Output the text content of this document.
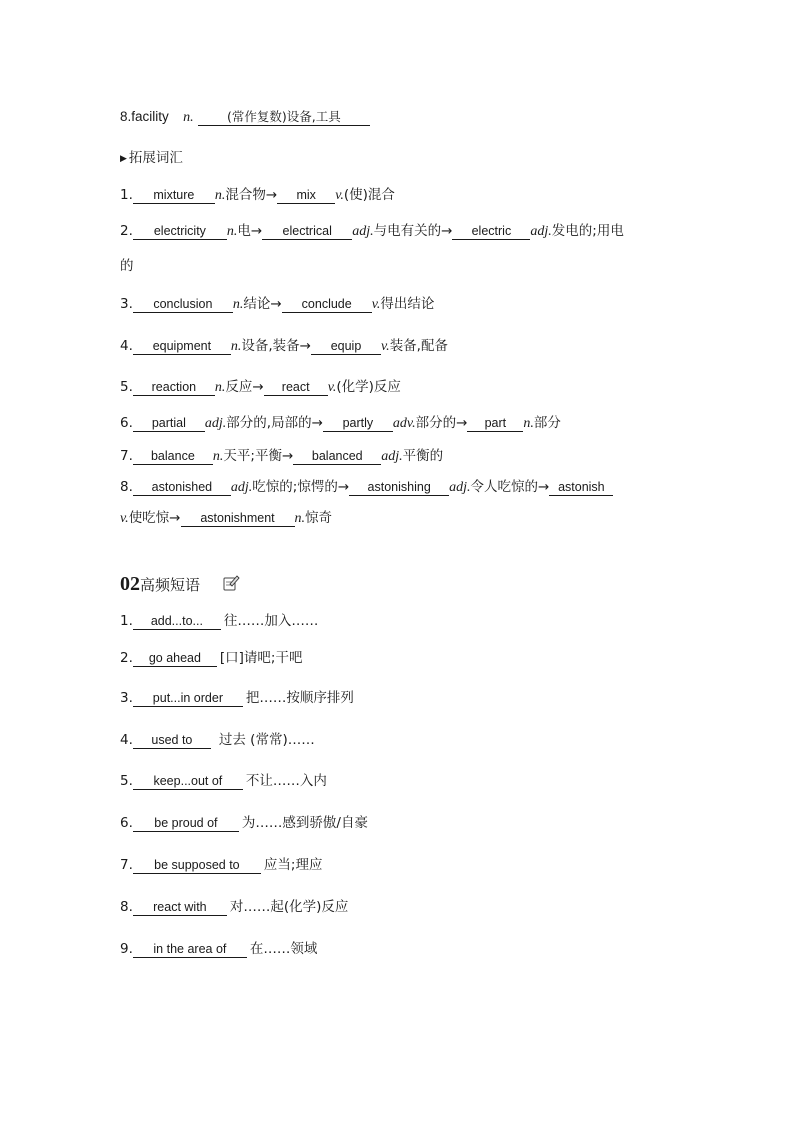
8.facility n.	(常作复数)设备,工具
▶ 拓展词汇
1. mixture n.混合物→ mix v.(使)混合
2. electricity n.电→ electrical adj.与电有关的→ electric adj.发电的;用电
的
3. conclusion n.结论→ conclude v.得出结论
4. equipment n.设备,装备→ equip v.装备,配备
5. reaction n.反应→ react v.(化学)反应
6. partial adj.部分的,局部的→ partly adv.部分的→ part n.部分
7. balance n.天平;平衡→ balanced adj.平衡的
8. astonished adj.吃惊的;惊愕的→ astonishing adj.令人吃惊的→ astonish
v.使吃惊→ astonishment n.惊奇
02高频短语
1. add...to... 往……加入……
2. go ahead [口]请吧;干吧
3. put...in order 把……按顺序排列
4. used to 过去 (常常)……
5. keep...out of 不让……入内
6. be proud of 为……感到骄傲/自豪
7. be supposed to 应当;理应
8. react with 对……起(化学)反应
9. in the area of 在……领域
